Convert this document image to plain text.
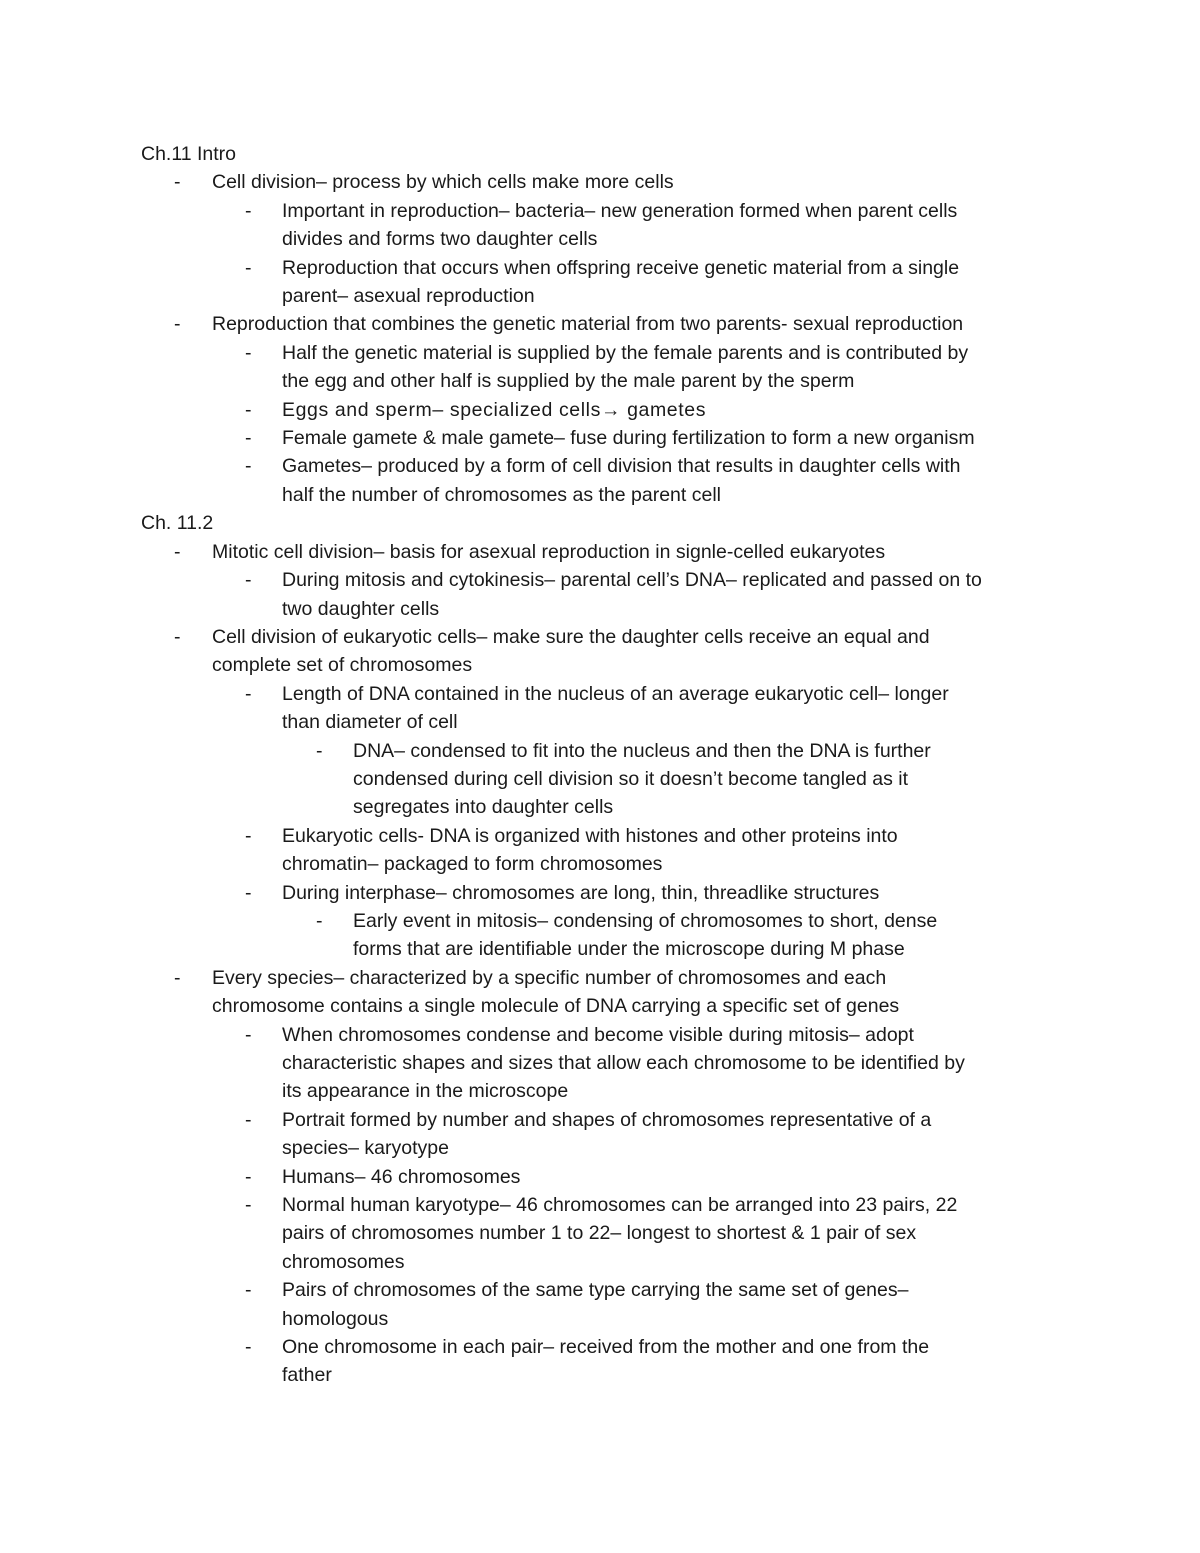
Ch.11 Intro
- Cell division– process by which cells make more cells
- Important in reproduction– bacteria– new generation formed when parent cells
divides and forms two daughter cells
- Reproduction that occurs when offspring receive genetic material from a single
parent– asexual reproduction
- Reproduction that combines the genetic material from two parents- sexual reproduction
- Half the genetic material is supplied by the female parents and is contributed by
the egg and other half is supplied by the male parent by the sperm
- Eggs and sperm– specialized cells→ gametes
- Female gamete & male gamete– fuse during fertilization to form a new organism
- Gametes– produced by a form of cell division that results in daughter cells with
half the number of chromosomes as the parent cell
Ch. 11.2
- Mitotic cell division– basis for asexual reproduction in signle-celled eukaryotes
- During mitosis and cytokinesis– parental cell’s DNA– replicated and passed on to
two daughter cells
- Cell division of eukaryotic cells– make sure the daughter cells receive an equal and
complete set of chromosomes
- Length of DNA contained in the nucleus of an average eukaryotic cell– longer
than diameter of cell
- DNA– condensed to fit into the nucleus and then the DNA is further
condensed during cell division so it doesn’t become tangled as it
segregates into daughter cells
- Eukaryotic cells- DNA is organized with histones and other proteins into
chromatin– packaged to form chromosomes
- During interphase– chromosomes are long, thin, threadlike structures
- Early event in mitosis– condensing of chromosomes to short, dense
forms that are identifiable under the microscope during M phase
- Every species– characterized by a specific number of chromosomes and each
chromosome contains a single molecule of DNA carrying a specific set of genes
- When chromosomes condense and become visible during mitosis– adopt
characteristic shapes and sizes that allow each chromosome to be identified by
its appearance in the microscope
- Portrait formed by number and shapes of chromosomes representative of a
species– karyotype
- Humans– 46 chromosomes
- Normal human karyotype– 46 chromosomes can be arranged into 23 pairs, 22
pairs of chromosomes number 1 to 22– longest to shortest & 1 pair of sex
chromosomes
- Pairs of chromosomes of the same type carrying the same set of genes–
homologous
- One chromosome in each pair– received from the mother and one from the
father
